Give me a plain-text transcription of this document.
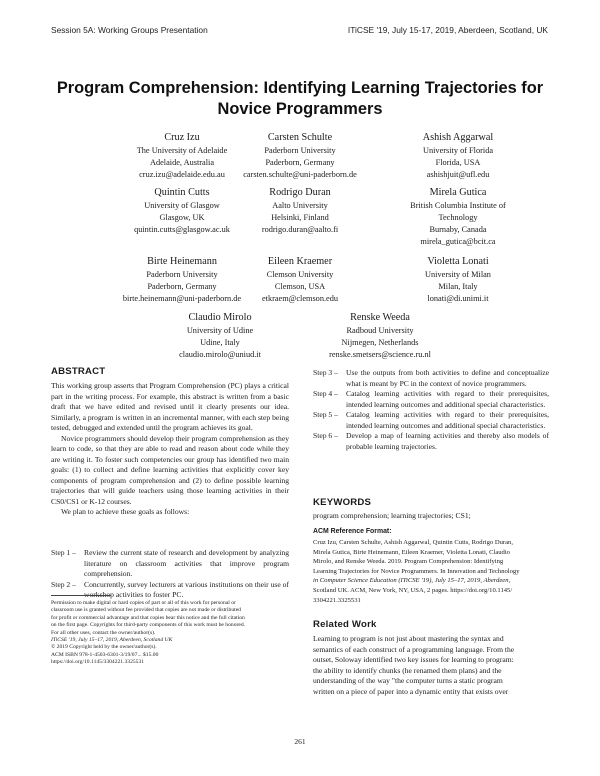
Session 5A: Working Groups Presentation	ITiCSE '19, July 15-17, 2019, Aberdeen, Scotland, UK
Program Comprehension: Identifying Learning Trajectories for
Novice Programmers
Cruz Izu
The University of Adelaide
Adelaide, Australia
cruz.izu@adelaide.edu.au
Carsten Schulte
Paderborn University
Paderborn, Germany
carsten.schulte@uni-paderborn.de
Ashish Aggarwal
University of Florida
Florida, USA
ashishjuit@ufl.edu
Quintin Cutts
University of Glasgow
Glasgow, UK
quintin.cutts@glasgow.ac.uk
Rodrigo Duran
Aalto University
Helsinki, Finland
rodrigo.duran@aalto.fi
Mirela Gutica
British Columbia Institute of
Technology
Burnaby, Canada
mirela_gutica@bcit.ca
Birte Heinemann
Paderborn University
Paderborn, Germany
birte.heinemann@uni-paderborn.de
Eileen Kraemer
Clemson University
Clemson, USA
etkraem@clemson.edu
Violetta Lonati
University of Milan
Milan, Italy
lonati@di.unimi.it
Claudio Mirolo
University of Udine
Udine, Italy
claudio.mirolo@uniud.it
Renske Weeda
Radboud University
Nijmegen, Netherlands
renske.smetsers@science.ru.nl
ABSTRACT

This working group asserts that Program Comprehension (PC) plays a critical part in the writing process. For example, this abstract is written from a basic draft that we have edited and revised until it clearly presents our idea. Similarly, a program is written in an incremental manner, with each step being tested, debugged and extended until the program achieves its goal.

Novice programmers should develop their program comprehension as they learn to code, so that they are able to read and reason about code while they are writing it. To foster such competencies our group has identified two main goals: (1) to collect and define learning activities that explicitly cover key components of program comprehension and (2) to define possible learning trajectories that will guide teachers using those learning activities in their CS0/CS1 or K-12 courses.

We plan to achieve these goals as follows:

Step 1 –	Review the current state of research and development by analyzing literature on classroom activities that improve program comprehension.
Step 2 –	Concurrently, survey lecturers at various institutions on their use of workshop activities to foster PC.
Permission to make digital or hard copies of part or all of this work for personal or
classroom use is granted without fee provided that copies are not made or distributed
for profit or commercial advantage and that copies bear this notice and the full citation
on the first page. Copyrights for third-party components of this work must be honored.
For all other uses, contact the owner/author(s).
ITiCSE '19, July 15–17, 2019, Aberdeen, Scotland UK
© 2019 Copyright held by the owner/author(s).
ACM ISBN 978-1-4503-6301-3/19/07... $15.00
https://doi.org/10.1145/3304221.3325531
Step 3 –	Use the outputs from both activities to define and conceptualize what is meant by PC in the context of novice programmers.
Step 4 –	Catalog learning activities with regard to their prerequisites, intended learning outcomes and additional special characteristics.
Step 5 –	Catalog learning activities with regard to their prerequisites, intended learning outcomes and additional special characteristics.
Step 6 –	Develop a map of learning activities and thereby also models of probable learning trajectories.
KEYWORDS
program comprehension; learning trajectories; CS1;
ACM Reference Format:
Cruz Izu, Carsten Schulte, Ashish Aggarwal, Quintin Cutts, Rodrigo Duran,
Mirela Gutica, Birte Heinemann, Eileen Kraemer, Violetta Lonati, Claudio
Mirolo, and Renske Weeda. 2019. Program Comprehension: Identifying
Learning Trajectories for Novice Programmers. In Innovation and Technology
in Computer Science Education (ITiCSE '19), July 15–17, 2019, Aberdeen,
Scotland UK. ACM, New York, NY, USA, 2 pages. https://doi.org/10.1145/
3304221.3325531
Related Work
Learning to program is not just about mastering the syntax and
semantics of each construct of a programming language. From the
outset, Soloway identified two key issues for learning to program:
the ability to identify chunks (he renamed them plans) and the
understanding of the way "the computer turns a static program
written on a piece of paper into a dynamic entity that exists over
261
